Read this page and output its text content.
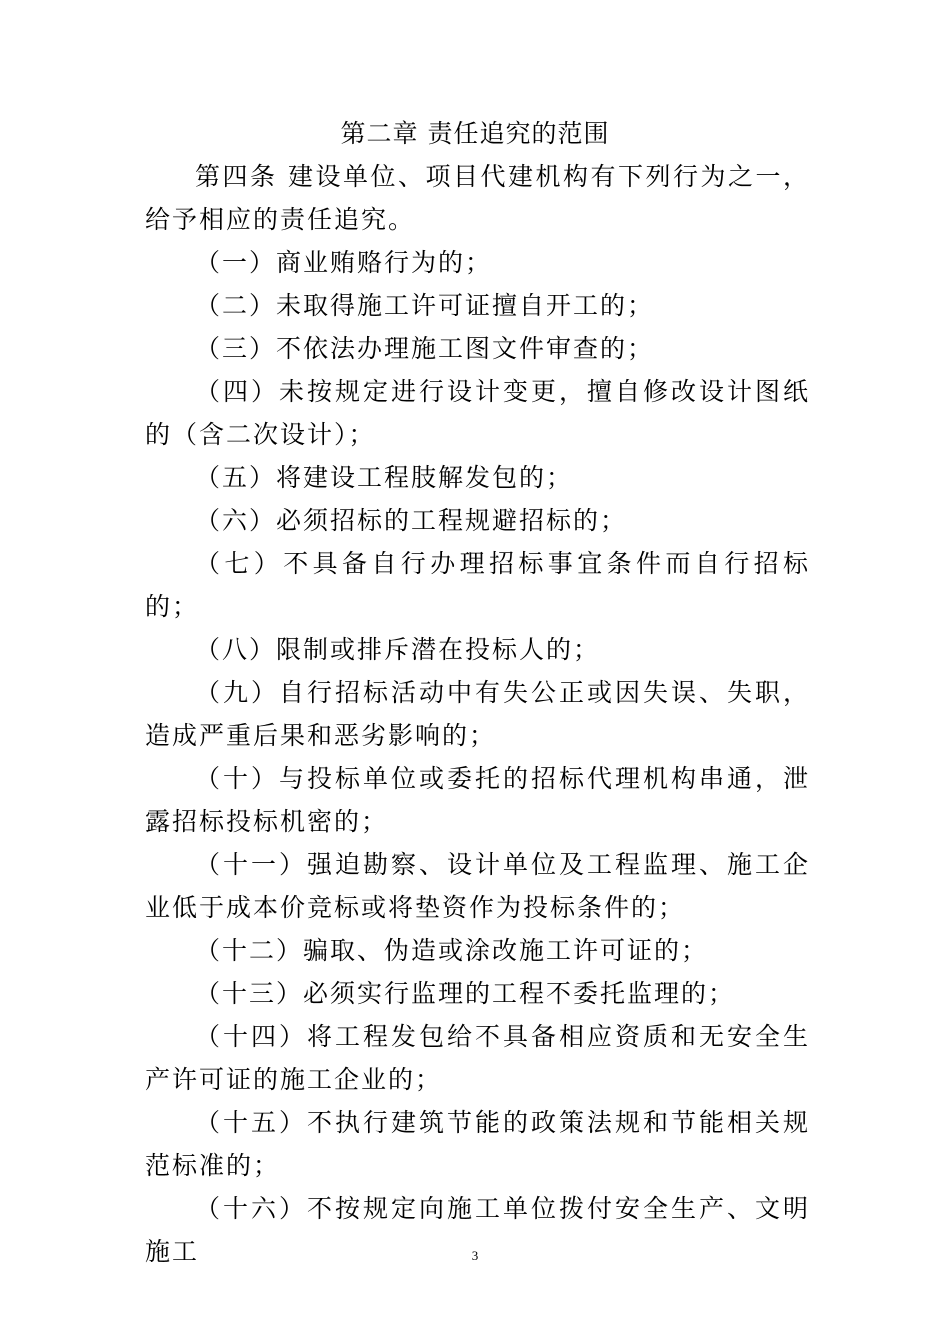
第二章 责任追究的范围

第四条 建设单位、项目代建机构有下列行为之一，给予相应的责任追究。

（一）商业贿赂行为的；

（二）未取得施工许可证擅自开工的；

（三）不依法办理施工图文件审查的；

（四）未按规定进行设计变更，擅自修改设计图纸的（含二次设计）；

（五）将建设工程肢解发包的；

（六）必须招标的工程规避招标的；

（七）不具备自行办理招标事宜条件而自行招标的；

（八）限制或排斥潜在投标人的；

（九）自行招标活动中有失公正或因失误、失职，造成严重后果和恶劣影响的；

（十）与投标单位或委托的招标代理机构串通，泄露招标投标机密的；

（十一）强迫勘察、设计单位及工程监理、施工企业低于成本价竞标或将垫资作为投标条件的；

（十二）骗取、伪造或涂改施工许可证的；

（十三）必须实行监理的工程不委托监理的；

（十四）将工程发包给不具备相应资质和无安全生产许可证的施工企业的；

（十五）不执行建筑节能的政策法规和节能相关规范标准的；

（十六）不按规定向施工单位拨付安全生产、文明施工	3
